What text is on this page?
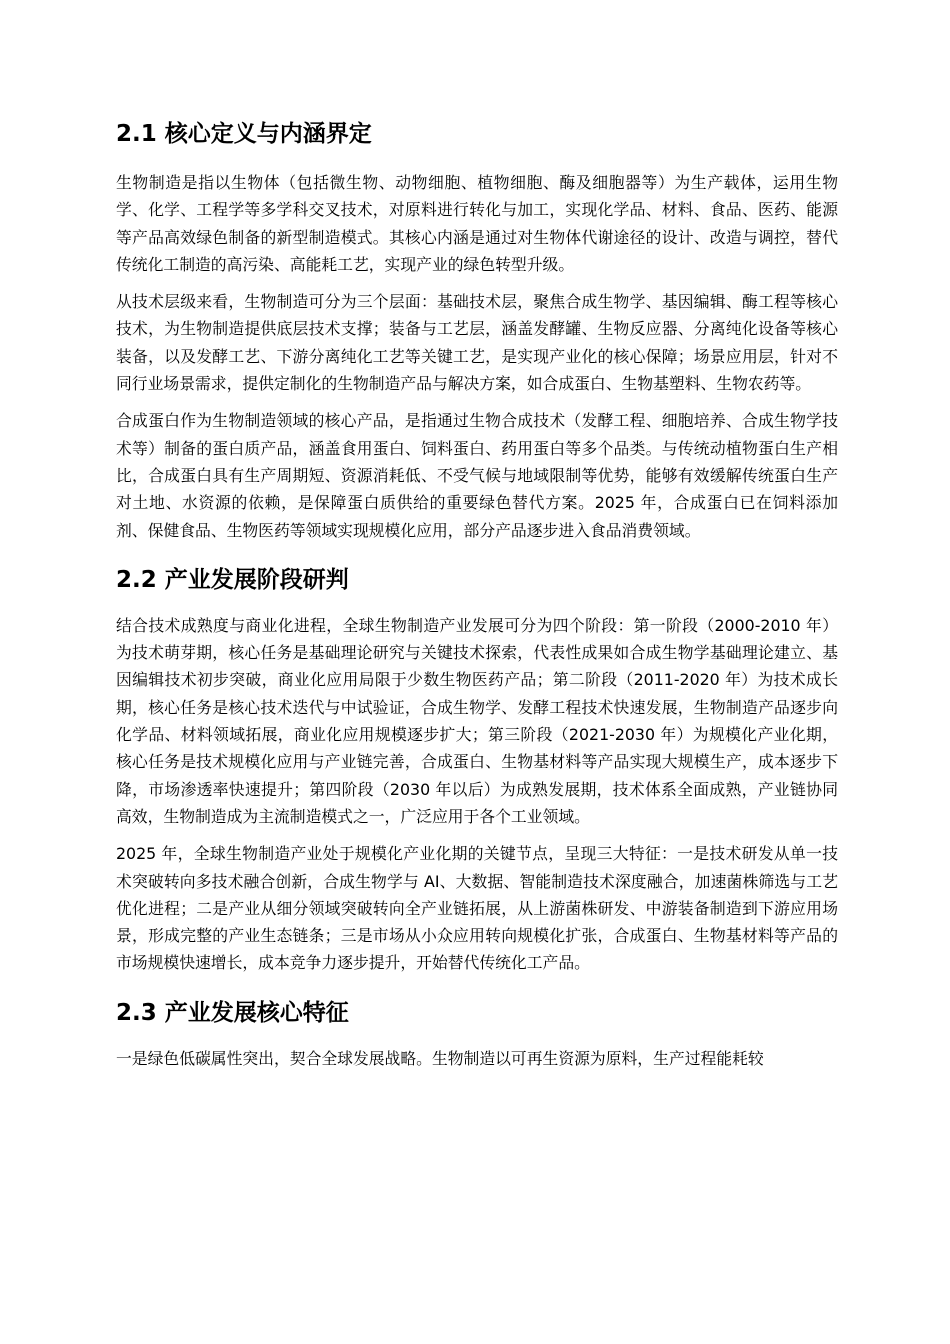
2.1 核心定义与内涵界定

生物制造是指以生物体（包括微生物、动物细胞、植物细胞、酶及细胞器等）为生产载体，运用生物学、化学、工程学等多学科交叉技术，对原料进行转化与加工，实现化学品、材料、食品、医药、能源等产品高效绿色制备的新型制造模式。其核心内涵是通过对生物体代谢途径的设计、改造与调控，替代传统化工制造的高污染、高能耗工艺，实现产业的绿色转型升级。

从技术层级来看，生物制造可分为三个层面：基础技术层，聚焦合成生物学、基因编辑、酶工程等核心技术，为生物制造提供底层技术支撑；装备与工艺层，涵盖发酵罐、生物反应器、分离纯化设备等核心装备，以及发酵工艺、下游分离纯化工艺等关键工艺，是实现产业化的核心保障；场景应用层，针对不同行业场景需求，提供定制化的生物制造产品与解决方案，如合成蛋白、生物基塑料、生物农药等。

合成蛋白作为生物制造领域的核心产品，是指通过生物合成技术（发酵工程、细胞培养、合成生物学技术等）制备的蛋白质产品，涵盖食用蛋白、饲料蛋白、药用蛋白等多个品类。与传统动植物蛋白生产相比，合成蛋白具有生产周期短、资源消耗低、不受气候与地域限制等优势，能够有效缓解传统蛋白生产对土地、水资源的依赖，是保障蛋白质供给的重要绿色替代方案。2025 年，合成蛋白已在饲料添加剂、保健食品、生物医药等领域实现规模化应用，部分产品逐步进入食品消费领域。

2.2 产业发展阶段研判

结合技术成熟度与商业化进程，全球生物制造产业发展可分为四个阶段：第一阶段（2000-2010 年）为技术萌芽期，核心任务是基础理论研究与关键技术探索，代表性成果如合成生物学基础理论建立、基因编辑技术初步突破，商业化应用局限于少数生物医药产品；第二阶段（2011-2020 年）为技术成长期，核心任务是核心技术迭代与中试验证，合成生物学、发酵工程技术快速发展，生物制造产品逐步向化学品、材料领域拓展，商业化应用规模逐步扩大；第三阶段（2021-2030 年）为规模化产业化期，核心任务是技术规模化应用与产业链完善，合成蛋白、生物基材料等产品实现大规模生产，成本逐步下降，市场渗透率快速提升；第四阶段（2030 年以后）为成熟发展期，技术体系全面成熟，产业链协同高效，生物制造成为主流制造模式之一，广泛应用于各个工业领域。

2025 年，全球生物制造产业处于规模化产业化期的关键节点，呈现三大特征：一是技术研发从单一技术突破转向多技术融合创新，合成生物学与 AI、大数据、智能制造技术深度融合，加速菌株筛选与工艺优化进程；二是产业从细分领域突破转向全产业链拓展，从上游菌株研发、中游装备制造到下游应用场景，形成完整的产业生态链条；三是市场从小众应用转向规模化扩张，合成蛋白、生物基材料等产品的市场规模快速增长，成本竞争力逐步提升，开始替代传统化工产品。

2.3 产业发展核心特征

一是绿色低碳属性突出，契合全球发展战略。生物制造以可再生资源为原料，生产过程能耗较
